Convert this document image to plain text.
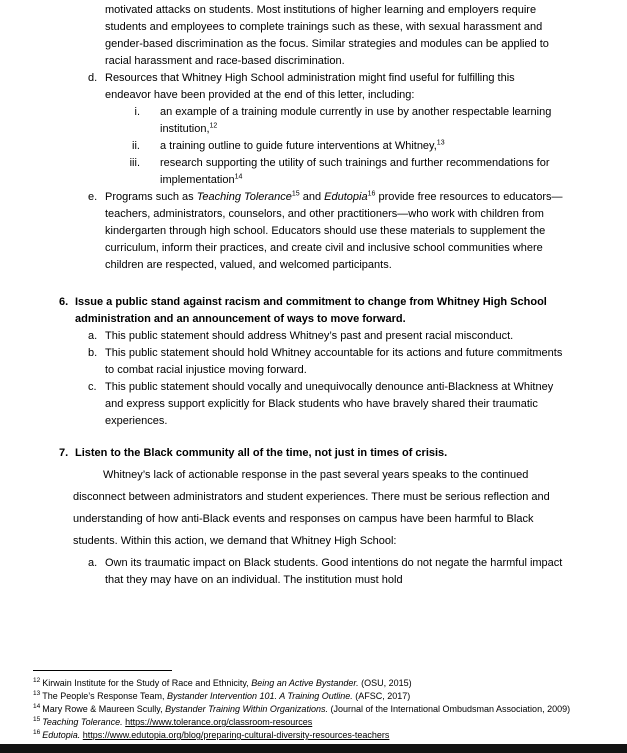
motivated attacks on students. Most institutions of higher learning and employers require students and employees to complete trainings such as these, with sexual harassment and gender-based discrimination as the focus. Similar strategies and modules can be applied to racial harassment and race-based discrimination.

d. Resources that Whitney High School administration might find useful for fulfilling this endeavor have been provided at the end of this letter, including:

i.	an example of a training module currently in use by another respectable learning institution,$^{12}$

ii.	a training outline to guide future interventions at Whitney,$^{13}$

iii.	research supporting the utility of such trainings and further recommendations for implementation$^{14}$

e. Programs such as Teaching Tolerance$^{15}$ and Edutopia$^{16}$ provide free resources to educators—teachers, administrators, counselors, and other practitioners—who work with children from kindergarten through high school. Educators should use these materials to supplement the curriculum, inform their practices, and create civil and inclusive school communities where children are respected, valued, and welcomed participants.

6. Issue a public stand against racism and commitment to change from Whitney High School administration and an announcement of ways to move forward.

a. This public statement should address Whitney’s past and present racial misconduct.

b. This public statement should hold Whitney accountable for its actions and future commitments to combat racial injustice moving forward.

c. This public statement should vocally and unequivocally denounce anti-Blackness at Whitney and express support explicitly for Black students who have bravely shared their traumatic experiences.

7. Listen to the Black community all of the time, not just in times of crisis.

Whitney’s lack of actionable response in the past several years speaks to the continued disconnect between administrators and student experiences. There must be serious reflection and understanding of how anti-Black events and responses on campus have been harmful to Black students. Within this action, we demand that Whitney High School:

a. Own its traumatic impact on Black students. Good intentions do not negate the harmful impact that they may have on an individual. The institution must hold

$^{12}$ Kirwain Institute for the Study of Race and Ethnicity, Being an Active Bystander. (OSU, 2015)

$^{13}$ The People’s Response Team, Bystander Intervention 101. A Training Outline. (AFSC, 2017)

$^{14}$ Mary Rowe & Maureen Scully, Bystander Training Within Organizations. (Journal of the International Ombudsman Association, 2009)

$^{15}$ Teaching Tolerance. https://www.tolerance.org/classroom-resources

$^{16}$ Edutopia. https://www.edutopia.org/blog/preparing-cultural-diversity-resources-teachers
